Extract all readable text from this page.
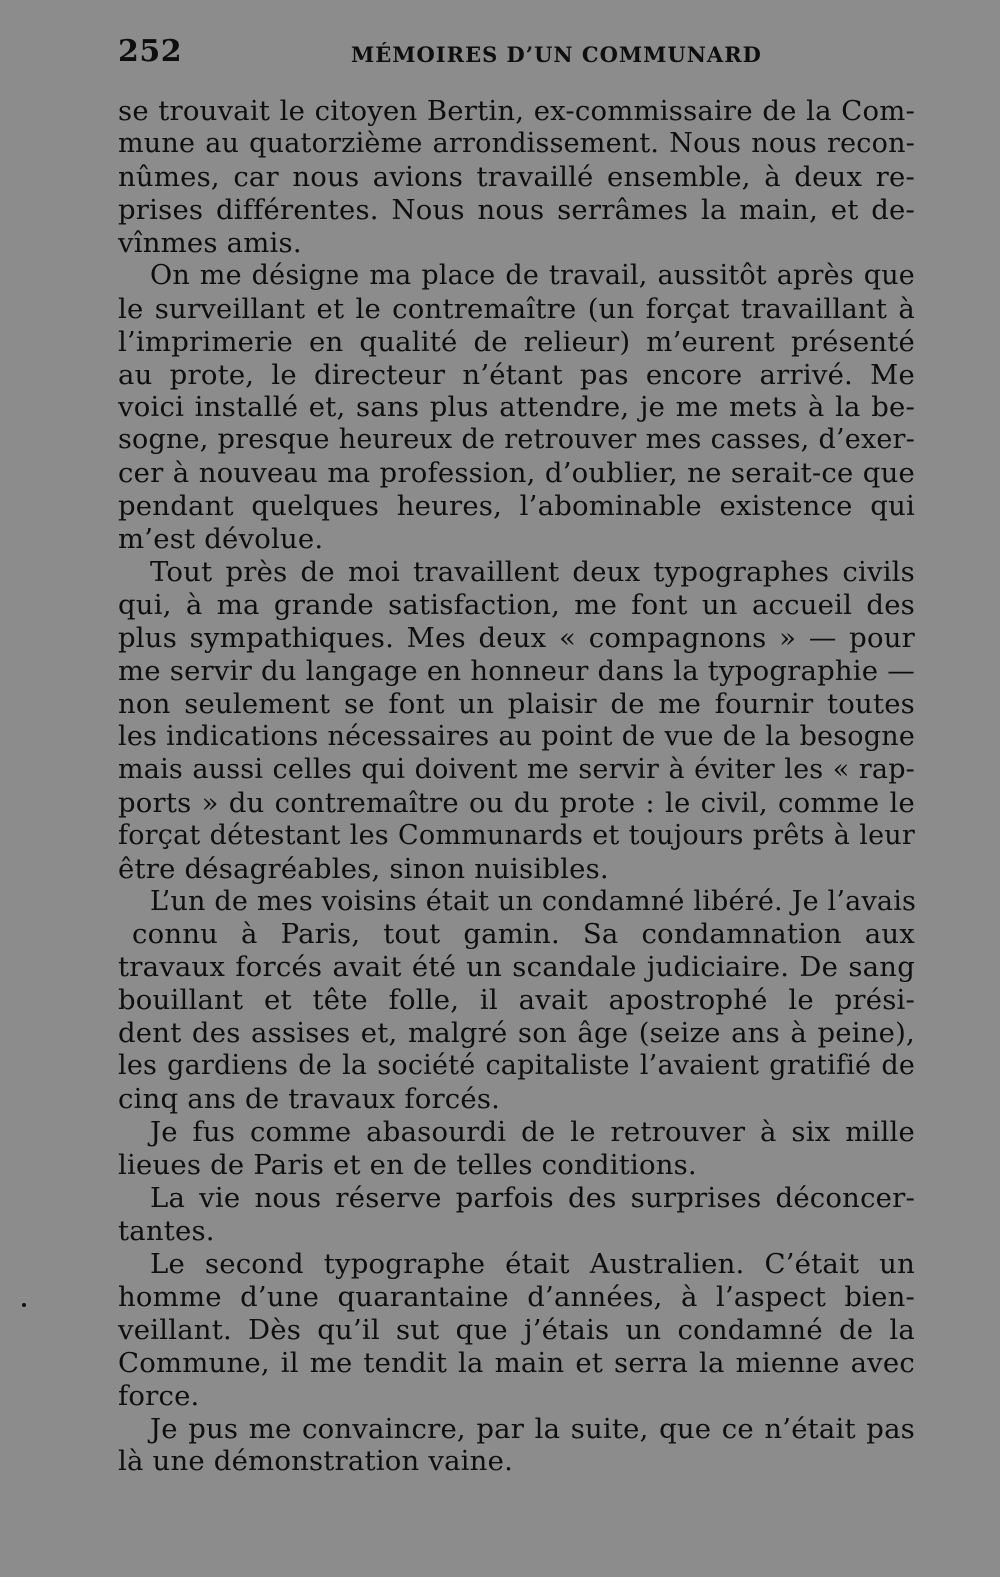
252	MÉMOIRES D’UN COMMUNARD
se trouvait le citoyen Bertin, ex-commissaire de la Com-
mune au quatorzième arrondissement. Nous nous recon-
nûmes, car nous avions travaillé ensemble, à deux re-
prises différentes. Nous nous serrâmes la main, et de-
vînmes amis.
On me désigne ma place de travail, aussitôt après que
le surveillant et le contremaître (un forçat travaillant à
l’imprimerie en qualité de relieur) m’eurent présenté
au prote, le directeur n’étant pas encore arrivé. Me
voici installé et, sans plus attendre, je me mets à la be-
sogne, presque heureux de retrouver mes casses, d’exer-
cer à nouveau ma profession, d’oublier, ne serait-ce que
pendant quelques heures, l’abominable existence qui
m’est dévolue.
Tout près de moi travaillent deux typographes civils
qui, à ma grande satisfaction, me font un accueil des
plus sympathiques. Mes deux « compagnons » — pour
me servir du langage en honneur dans la typographie —
non seulement se font un plaisir de me fournir toutes
les indications nécessaires au point de vue de la besogne
mais aussi celles qui doivent me servir à éviter les « rap-
ports » du contremaître ou du prote : le civil, comme le
forçat détestant les Communards et toujours prêts à leur
être désagréables, sinon nuisibles.
L’un de mes voisins était un condamné libéré. Je l’avais
connu à Paris, tout gamin. Sa condamnation aux
travaux forcés avait été un scandale judiciaire. De sang
bouillant et tête folle, il avait apostrophé le prési-
dent des assises et, malgré son âge (seize ans à peine),
les gardiens de la société capitaliste l’avaient gratifié de
cinq ans de travaux forcés.
Je fus comme abasourdi de le retrouver à six mille
lieues de Paris et en de telles conditions.
La vie nous réserve parfois des surprises déconcer-
tantes.
Le second typographe était Australien. C’était un
homme d’une quarantaine d’années, à l’aspect bien-
veillant. Dès qu’il sut que j’étais un condamné de la
Commune, il me tendit la main et serra la mienne avec
force.
Je pus me convaincre, par la suite, que ce n’était pas
là une démonstration vaine.
